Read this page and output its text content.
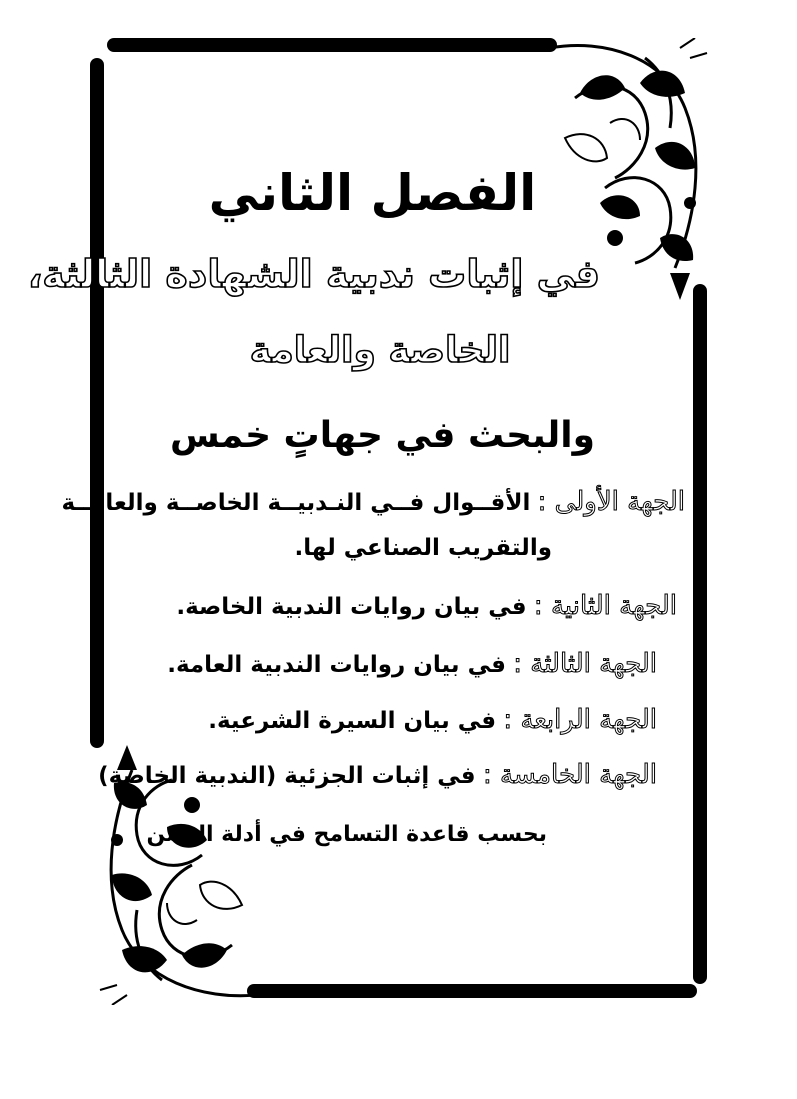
الفصل الثاني
في إثبات ندبية الشهادة الثالثة،
الخاصة والعامة
والبحث في جهاتٍ خمس
الجهة الأولى : الأقــوال فــي النـدبيــة الخاصــة والعامــة
والتقريب الصناعي لها.
الجهة الثانية : في بيان روايات الندبية الخاصة.
الجهة الثالثة : في بيان روايات الندبية العامة.
الجهة الرابعة : في بيان السيرة الشرعية.
الجهة الخامسة : في إثبات الجزئية (الندبية الخاصة)
بحسب قاعدة التسامح في أدلة السنن
